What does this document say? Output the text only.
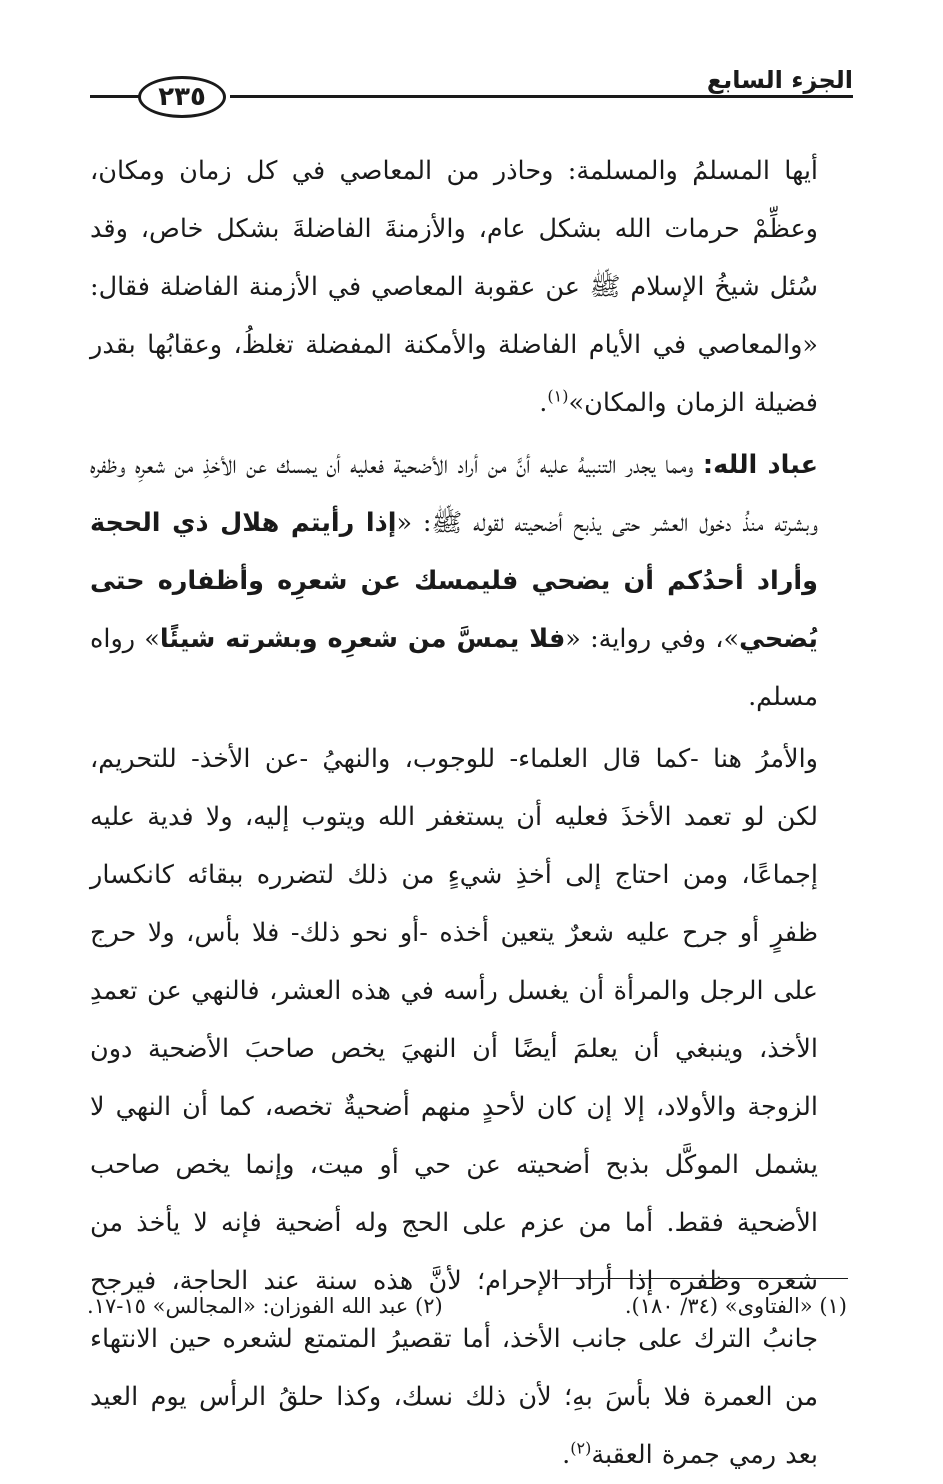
الجزء السابع
٢٣٥

أيها المسلمُ والمسلمة: وحاذر من المعاصي في كل زمان ومكان، وعظِّمْ حرمات الله بشكل عام، والأزمنةَ الفاضلةَ بشكل خاص، وقد سُئل شيخُ الإسلام ﷺ عن عقوبة المعاصي في الأزمنة الفاضلة فقال: «والمعاصي في الأيام الفاضلة والأمكنة المفضلة تغلظُ، وعقابُها بقدر فضيلة الزمان والمكان»$^{(١)}$.

عباد الله: ومما يجدر التنبيهُ عليه أنَّ من أراد الأضحية فعليه أن يمسك عن الأخذِ من شعرِه وظفره وبشرته منذُ دخول العشر حتى يذبح أضحيته لقوله ﷺ: «إذا رأيتم هلال ذي الحجة وأراد أحدُكم أن يضحي فليمسك عن شعرِه وأظفاره حتى يُضحي»، وفي رواية: «فلا يمسَّ من شعرِه وبشرته شيئًا» رواه مسلم.

والأمرُ هنا -كما قال العلماء- للوجوب، والنهيُ -عن الأخذ- للتحريم، لكن لو تعمد الأخذَ فعليه أن يستغفر الله ويتوب إليه، ولا فدية عليه إجماعًا، ومن احتاج إلى أخذِ شيءٍ من ذلك لتضرره ببقائه كانكسار ظفرٍ أو جرح عليه شعرٌ يتعين أخذه -أو نحو ذلك- فلا بأس، ولا حرج على الرجل والمرأة أن يغسل رأسه في هذه العشر، فالنهي عن تعمدِ الأخذ، وينبغي أن يعلمَ أيضًا أن النهيَ يخص صاحبَ الأضحية دون الزوجة والأولاد، إلا إن كان لأحدٍ منهم أضحيةٌ تخصه، كما أن النهي لا يشمل الموكَّل بذبح أضحيته عن حي أو ميت، وإنما يخص صاحب الأضحية فقط. أما من عزم على الحج وله أضحية فإنه لا يأخذ من شعره وظفره إذا أراد الإحرام؛ لأنَّ هذه سنة عند الحاجة، فيرجح جانبُ الترك على جانب الأخذ، أما تقصيرُ المتمتع لشعره حين الانتهاء من العمرة فلا بأسَ بهِ؛ لأن ذلك نسك، وكذا حلقُ الرأس يوم العيد بعد رمي جمرة العقبة$^{(٢)}$.

(١) «الفتاوى» (٣٤/ ١٨٠).
(٢) عبد الله الفوزان: «المجالس» ١٥-١٧.
